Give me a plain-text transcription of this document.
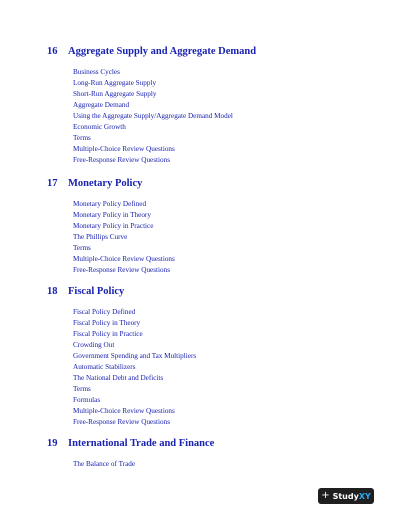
16	Aggregate Supply and Aggregate Demand
Business Cycles
Long-Run Aggregate Supply
Short-Run Aggregate Supply
Aggregate Demand
Using the Aggregate Supply/Aggregate Demand Model
Economic Growth
Terms
Multiple-Choice Review Questions
Free-Response Review Questions
17	Monetary Policy
Monetary Policy Defined
Monetary Policy in Theory
Monetary Policy in Practice
The Phillips Curve
Terms
Multiple-Choice Review Questions
Free-Response Review Questions
18	Fiscal Policy
Fiscal Policy Defined
Fiscal Policy in Theory
Fiscal Policy in Practice
Crowding Out
Government Spending and Tax Multipliers
Automatic Stabilizers
The National Debt and Deficits
Terms
Formulas
Multiple-Choice Review Questions
Free-Response Review Questions
19	International Trade and Finance
The Balance of Trade
+ Study XY
